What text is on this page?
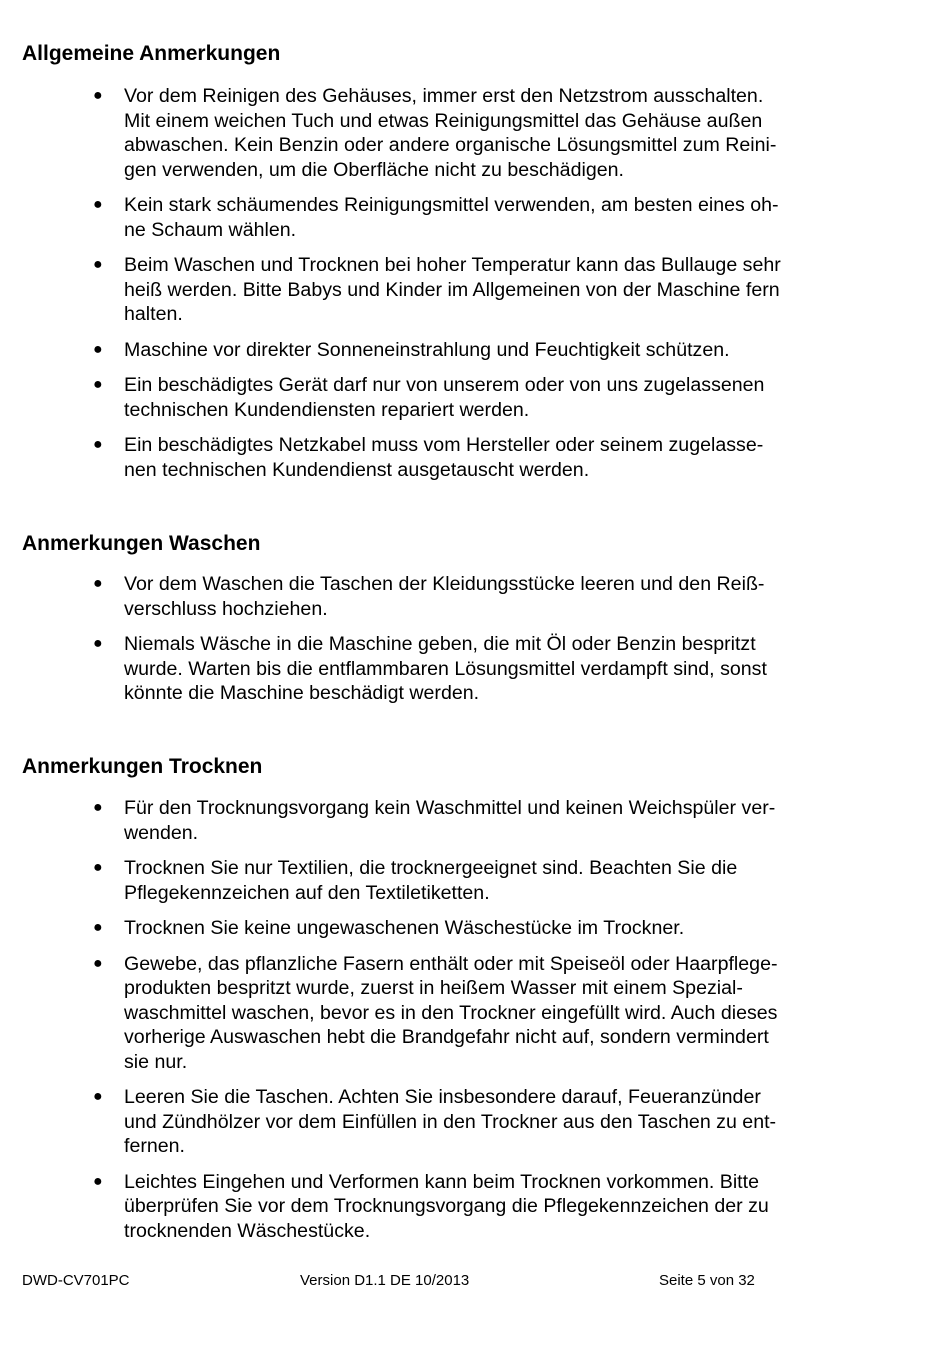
Allgemeine Anmerkungen
● Vor dem Reinigen des Gehäuses, immer erst den Netzstrom ausschalten.
Mit einem weichen Tuch und etwas Reinigungsmittel das Gehäuse außen
abwaschen. Kein Benzin oder andere organische Lösungsmittel zum Reini-
gen verwenden, um die Oberfläche nicht zu beschädigen.
● Kein stark schäumendes Reinigungsmittel verwenden, am besten eines oh-
ne Schaum wählen.
● Beim Waschen und Trocknen bei hoher Temperatur kann das Bullauge sehr
heiß werden. Bitte Babys und Kinder im Allgemeinen von der Maschine fern
halten.
● Maschine vor direkter Sonneneinstrahlung und Feuchtigkeit schützen.
● Ein beschädigtes Gerät darf nur von unserem oder von uns zugelassenen
technischen Kundendiensten repariert werden.
● Ein beschädigtes Netzkabel muss vom Hersteller oder seinem zugelasse-
nen technischen Kundendienst ausgetauscht werden.
Anmerkungen Waschen
● Vor dem Waschen die Taschen der Kleidungsstücke leeren und den Reiß-
verschluss hochziehen.
● Niemals Wäsche in die Maschine geben, die mit Öl oder Benzin bespritzt
wurde. Warten bis die entflammbaren Lösungsmittel verdampft sind, sonst
könnte die Maschine beschädigt werden.
Anmerkungen Trocknen
● Für den Trocknungsvorgang kein Waschmittel und keinen Weichspüler ver-
wenden.
● Trocknen Sie nur Textilien, die trocknergeeignet sind. Beachten Sie die
Pflegekennzeichen auf den Textiletiketten.
● Trocknen Sie keine ungewaschenen Wäschestücke im Trockner.
● Gewebe, das pflanzliche Fasern enthält oder mit Speiseöl oder Haarpflege-
produkten bespritzt wurde, zuerst in heißem Wasser mit einem Spezial-
waschmittel waschen, bevor es in den Trockner eingefüllt wird. Auch dieses
vorherige Auswaschen hebt die Brandgefahr nicht auf, sondern vermindert
sie nur.
● Leeren Sie die Taschen. Achten Sie insbesondere darauf, Feueranzünder
und Zündhölzer vor dem Einfüllen in den Trockner aus den Taschen zu ent-
fernen.
● Leichtes Eingehen und Verformen kann beim Trocknen vorkommen. Bitte
überprüfen Sie vor dem Trocknungsvorgang die Pflegekennzeichen der zu
trocknenden Wäschestücke.
DWD-CV701PC	Version D1.1 DE 10/2013	Seite 5 von 32
